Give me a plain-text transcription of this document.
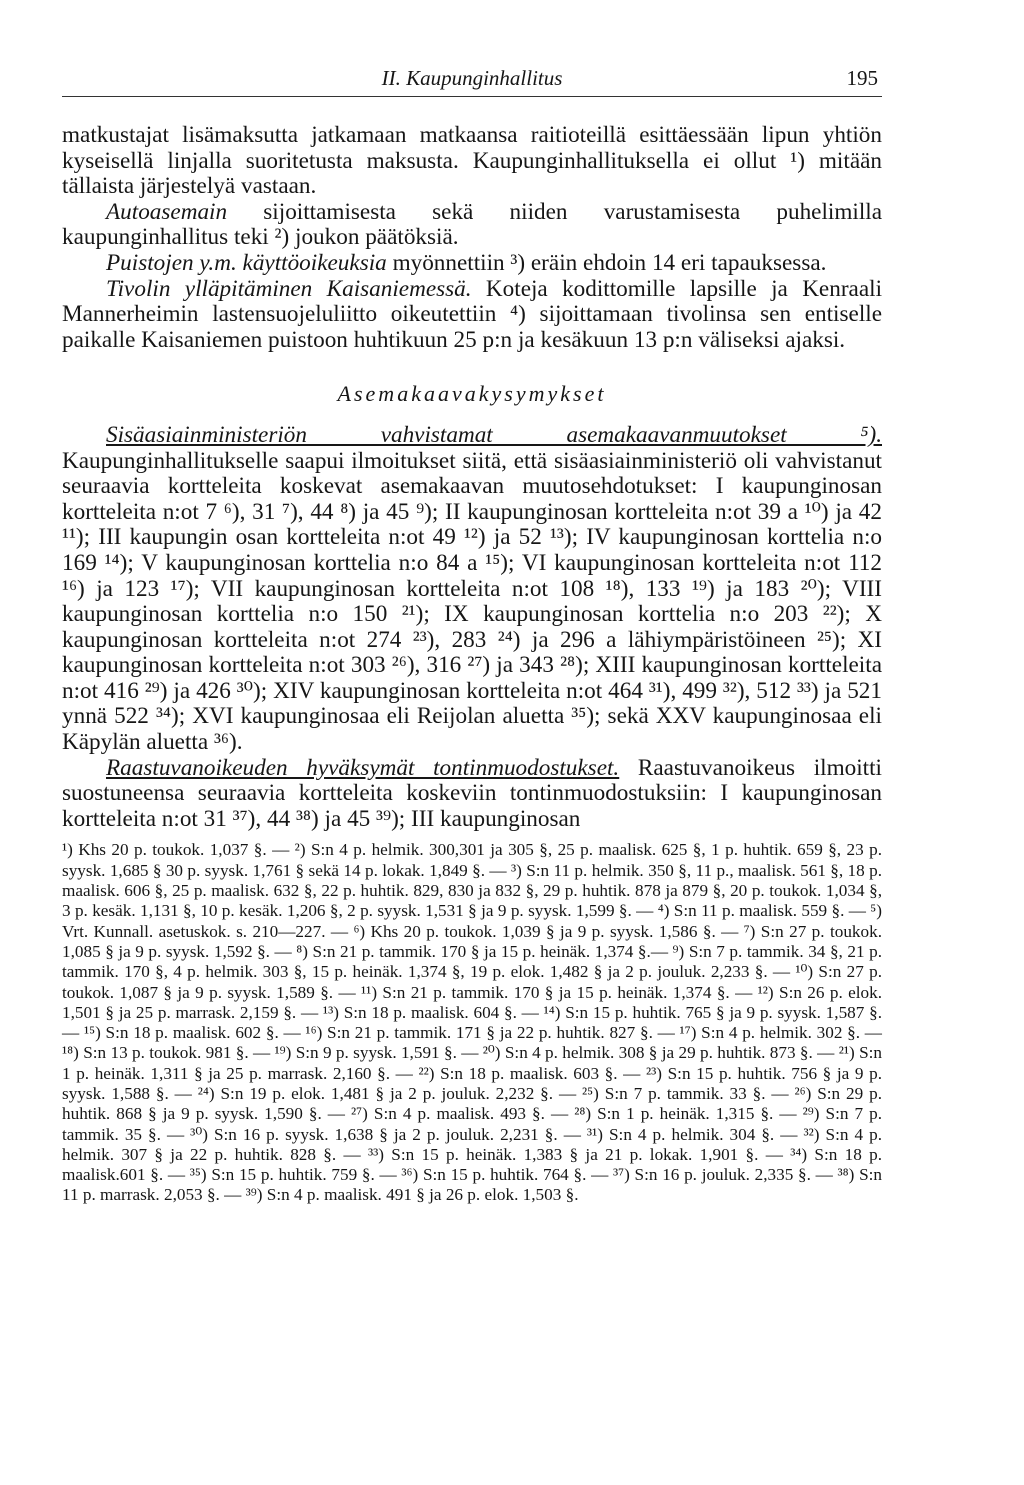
II. Kaupunginhallitus	195

matkustajat lisämaksutta jatkamaan matkaansa raitioteillä esittäessään lipun yhtiön kyseisellä linjalla suoritetusta maksusta. Kaupunginhallituksella ei ollut ¹) mitään tällaista järjestelyä vastaan.

Autoasemain sijoittamisesta sekä niiden varustamisesta puhelimilla kaupunginhallitus teki ²) joukon päätöksiä.

Puistojen y.m. käyttöoikeuksia myönnettiin ³) eräin ehdoin 14 eri tapauksessa.

Tivolin ylläpitäminen Kaisaniemessä. Koteja kodittomille lapsille ja Kenraali Mannerheimin lastensuojeluliitto oikeutettiin ⁴) sijoittamaan tivolinsa sen entiselle paikalle Kaisaniemen puistoon huhtikuun 25 p:n ja kesäkuun 13 p:n väliseksi ajaksi.

Asemakaavakysymykset

Sisäasiainministeriön vahvistamat asemakaavanmuutokset ⁵). Kaupunginhallitukselle saapui ilmoitukset siitä, että sisäasiainministeriö oli vahvistanut seuraavia kortteleita koskevat asemakaavan muutosehdotukset: I kaupunginosan kortteleita n:ot 7 ⁶), 31 ⁷), 44 ⁸) ja 45 ⁹); II kaupunginosan kortteleita n:ot 39 a ¹⁰) ja 42 ¹¹); III kaupungin osan kortteleita n:ot 49 ¹²) ja 52 ¹³); IV kaupunginosan korttelia n:o 169 ¹⁴); V kaupunginosan korttelia n:o 84 a ¹⁵); VI kaupunginosan kortteleita n:ot 112 ¹⁶) ja 123 ¹⁷); VII kaupunginosan kortteleita n:ot 108 ¹⁸), 133 ¹⁹) ja 183 ²⁰); VIII kaupunginosan korttelia n:o 150 ²¹); IX kaupunginosan korttelia n:o 203 ²²); X kaupunginosan kortteleita n:ot 274 ²³), 283 ²⁴) ja 296 a lähiympäristöineen ²⁵); XI kaupunginosan kortteleita n:ot 303 ²⁶), 316 ²⁷) ja 343 ²⁸); XIII kaupunginosan kortteleita n:ot 416 ²⁹) ja 426 ³⁰); XIV kaupunginosan kortteleita n:ot 464 ³¹), 499 ³²), 512 ³³) ja 521 ynnä 522 ³⁴); XVI kaupunginosaa eli Reijolan aluetta ³⁵); sekä XXV kaupunginosaa eli Käpylän aluetta ³⁶).

Raastuvanoikeuden hyväksymät tontinmuodostukset. Raastuvanoikeus ilmoitti suostuneensa seuraavia kortteleita koskeviin tontinmuodostuksiin: I kaupunginosan kortteleita n:ot 31 ³⁷), 44 ³⁸) ja 45 ³⁹); III kaupunginosan

¹) Khs 20 p. toukok. 1,037 §. — ²) S:n 4 p. helmik. 300,301 ja 305 §, 25 p. maalisk. 625 §, 1 p. huhtik. 659 §, 23 p. syysk. 1,685 § 30 p. syysk. 1,761 § sekä 14 p. lokak. 1,849 §. — ³) S:n 11 p. helmik. 350 §, 11 p., maalisk. 561 §, 18 p. maalisk. 606 §, 25 p. maalisk. 632 §, 22 p. huhtik. 829, 830 ja 832 §, 29 p. huhtik. 878 ja 879 §, 20 p. toukok. 1,034 §, 3 p. kesäk. 1,131 §, 10 p. kesäk. 1,206 §, 2 p. syysk. 1,531 § ja 9 p. syysk. 1,599 §. — ⁴) S:n 11 p. maalisk. 559 §. — ⁵) Vrt. Kunnall. asetuskok. s. 210—227. — ⁶) Khs 20 p. toukok. 1,039 § ja 9 p. syysk. 1,586 §. — ⁷) S:n 27 p. toukok. 1,085 § ja 9 p. syysk. 1,592 §. — ⁸) S:n 21 p. tammik. 170 § ja 15 p. heinäk. 1,374 §.— ⁹) S:n 7 p. tammik. 34 §, 21 p. tammik. 170 §, 4 p. helmik. 303 §, 15 p. heinäk. 1,374 §, 19 p. elok. 1,482 § ja 2 p. jouluk. 2,233 §. — ¹⁰) S:n 27 p. toukok. 1,087 § ja 9 p. syysk. 1,589 §. — ¹¹) S:n 21 p. tammik. 170 § ja 15 p. heinäk. 1,374 §. — ¹²) S:n 26 p. elok. 1,501 § ja 25 p. marrask. 2,159 §. — ¹³) S:n 18 p. maalisk. 604 §. — ¹⁴) S:n 15 p. huhtik. 765 § ja 9 p. syysk. 1,587 §. — ¹⁵) S:n 18 p. maalisk. 602 §. — ¹⁶) S:n 21 p. tammik. 171 § ja 22 p. huhtik. 827 §. — ¹⁷) S:n 4 p. helmik. 302 §. — ¹⁸) S:n 13 p. toukok. 981 §. — ¹⁹) S:n 9 p. syysk. 1,591 §. — ²⁰) S:n 4 p. helmik. 308 § ja 29 p. huhtik. 873 §. — ²¹) S:n 1 p. heinäk. 1,311 § ja 25 p. marrask. 2,160 §. — ²²) S:n 18 p. maalisk. 603 §. — ²³) S:n 15 p. huhtik. 756 § ja 9 p. syysk. 1,588 §. — ²⁴) S:n 19 p. elok. 1,481 § ja 2 p. jouluk. 2,232 §. — ²⁵) S:n 7 p. tammik. 33 §. — ²⁶) S:n 29 p. huhtik. 868 § ja 9 p. syysk. 1,590 §. — ²⁷) S:n 4 p. maalisk. 493 §. — ²⁸) S:n 1 p. heinäk. 1,315 §. — ²⁹) S:n 7 p. tammik. 35 §. — ³⁰) S:n 16 p. syysk. 1,638 § ja 2 p. jouluk. 2,231 §. — ³¹) S:n 4 p. helmik. 304 §. — ³²) S:n 4 p. helmik. 307 § ja 22 p. huhtik. 828 §. — ³³) S:n 15 p. heinäk. 1,383 § ja 21 p. lokak. 1,901 §. — ³⁴) S:n 18 p. maalisk.601 §. — ³⁵) S:n 15 p. huhtik. 759 §. — ³⁶) S:n 15 p. huhtik. 764 §. — ³⁷) S:n 16 p. jouluk. 2,335 §. — ³⁸) S:n 11 p. marrask. 2,053 §. — ³⁹) S:n 4 p. maalisk. 491 § ja 26 p. elok. 1,503 §.
